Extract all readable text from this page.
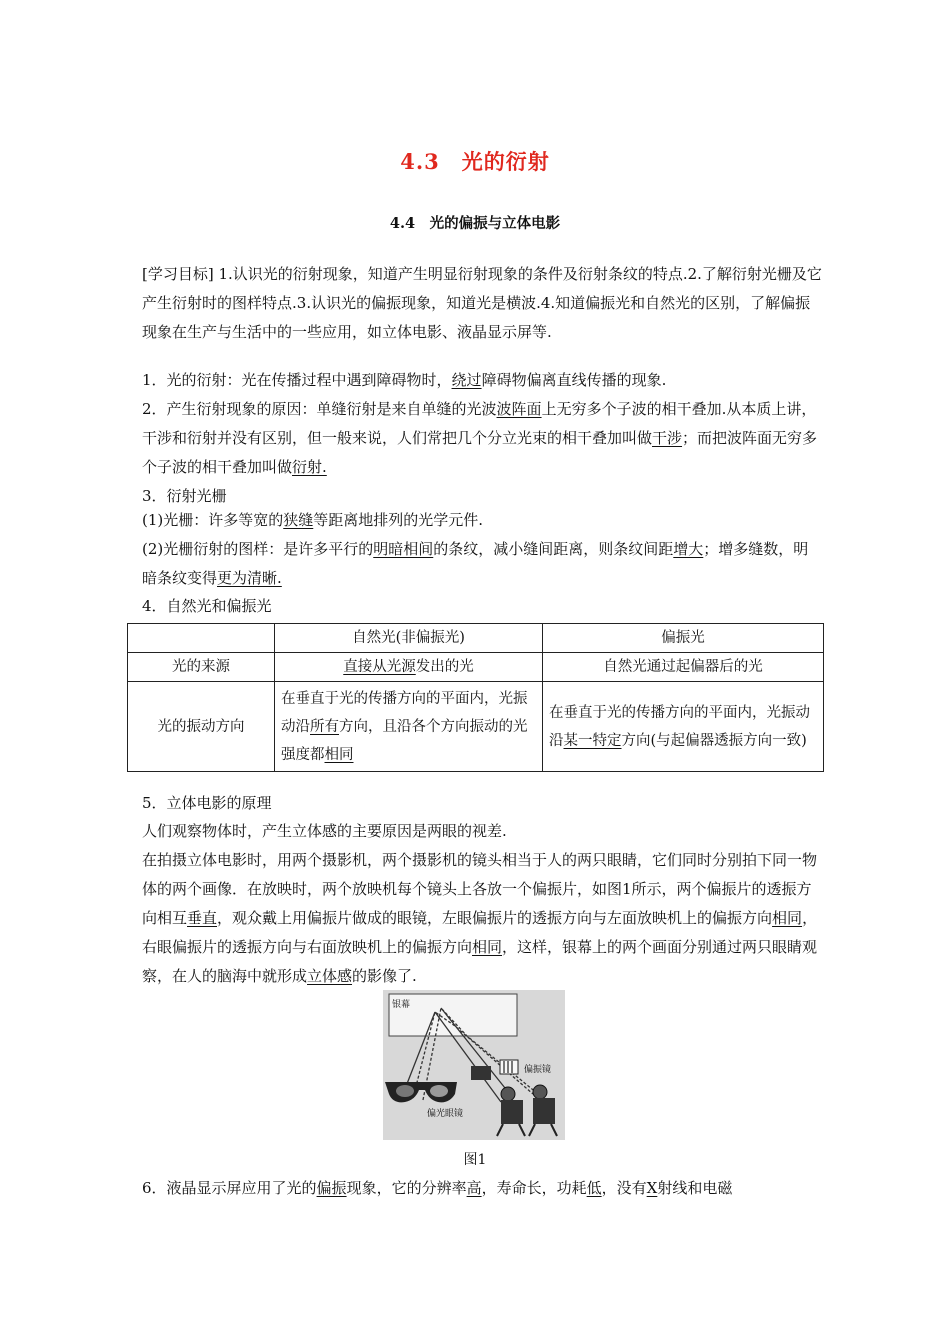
4.3　光的衍射
4.4　光的偏振与立体电影
[学习目标] 1.认识光的衍射现象，知道产生明显衍射现象的条件及衍射条纹的特点.2.了解衍射光栅及它产生衍射时的图样特点.3.认识光的偏振现象，知道光是横波.4.知道偏振光和自然光的区别，了解偏振现象在生产与生活中的一些应用，如立体电影、液晶显示屏等.
1．光的衍射：光在传播过程中遇到障碍物时，绕过障碍物偏离直线传播的现象.
2．产生衍射现象的原因：单缝衍射是来自单缝的光波波阵面上无穷多个子波的相干叠加.从本质上讲，干涉和衍射并没有区别，但一般来说，人们常把几个分立光束的相干叠加叫做干涉；而把波阵面无穷多个子波的相干叠加叫做衍射.
3．衍射光栅
(1)光栅：许多等宽的狭缝等距离地排列的光学元件.
(2)光栅衍射的图样：是许多平行的明暗相间的条纹，减小缝间距离，则条纹间距增大；增多缝数，明暗条纹变得更为清晰.
4．自然光和偏振光
	自然光(非偏振光)	偏振光
光的来源	直接从光源发出的光	自然光通过起偏器后的光
光的振动方向	在垂直于光的传播方向的平面内，光振动沿所有方向，且沿各个方向振动的光强度都相同	在垂直于光的传播方向的平面内，光振动沿某一特定方向(与起偏器透振方向一致)
5．立体电影的原理
人们观察物体时，产生立体感的主要原因是两眼的视差.
在拍摄立体电影时，用两个摄影机，两个摄影机的镜头相当于人的两只眼睛，它们同时分别拍下同一物体的两个画像．在放映时，两个放映机每个镜头上各放一个偏振片，如图1所示，两个偏振片的透振方向相互垂直，观众戴上用偏振片做成的眼镜，左眼偏振片的透振方向与左面放映机上的偏振方向相同，右眼偏振片的透振方向与右面放映机上的偏振方向相同，这样，银幕上的两个画面分别通过两只眼睛观察，在人的脑海中就形成立体感的影像了.
银幕
偏振镜
偏光眼镜
图1
6．液晶显示屏应用了光的偏振现象，它的分辨率高，寿命长，功耗低，没有X射线和电磁
